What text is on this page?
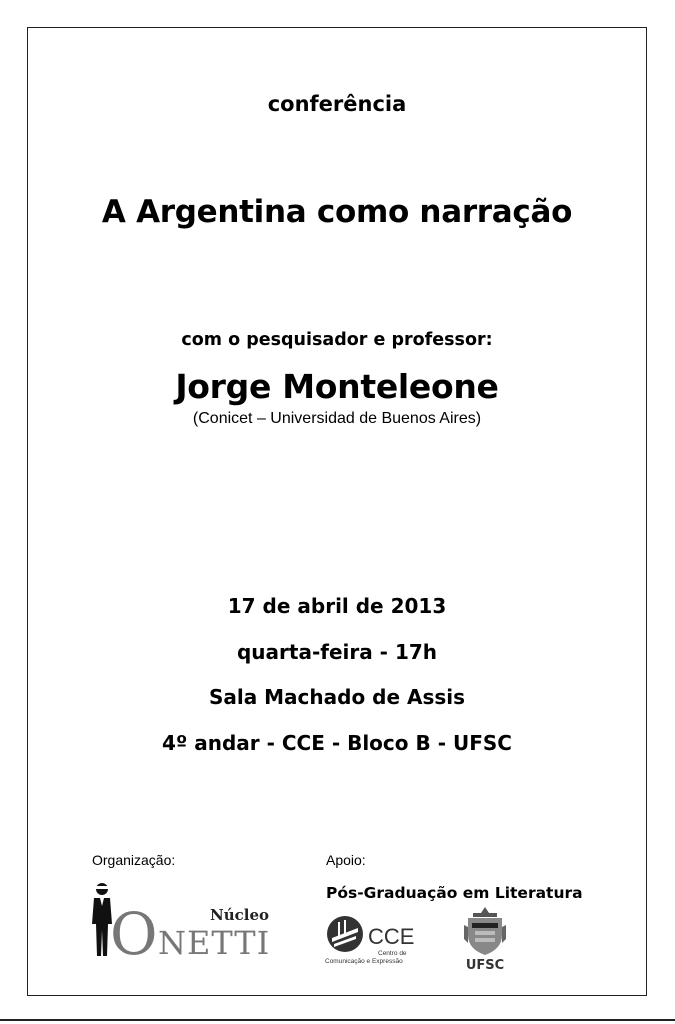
conferência
A Argentina como narração
com o pesquisador e professor:
Jorge Monteleone
(Conicet – Universidad de Buenos Aires)
17 de abril de 2013
quarta-feira - 17h
Sala Machado de Assis
4º andar - CCE - Bloco B - UFSC
Organização:	Apoio:
Núcleo
O NETTI
Pós-Graduação em Literatura
CCE
Centro de
Comunicação e Expressão	UFSC
